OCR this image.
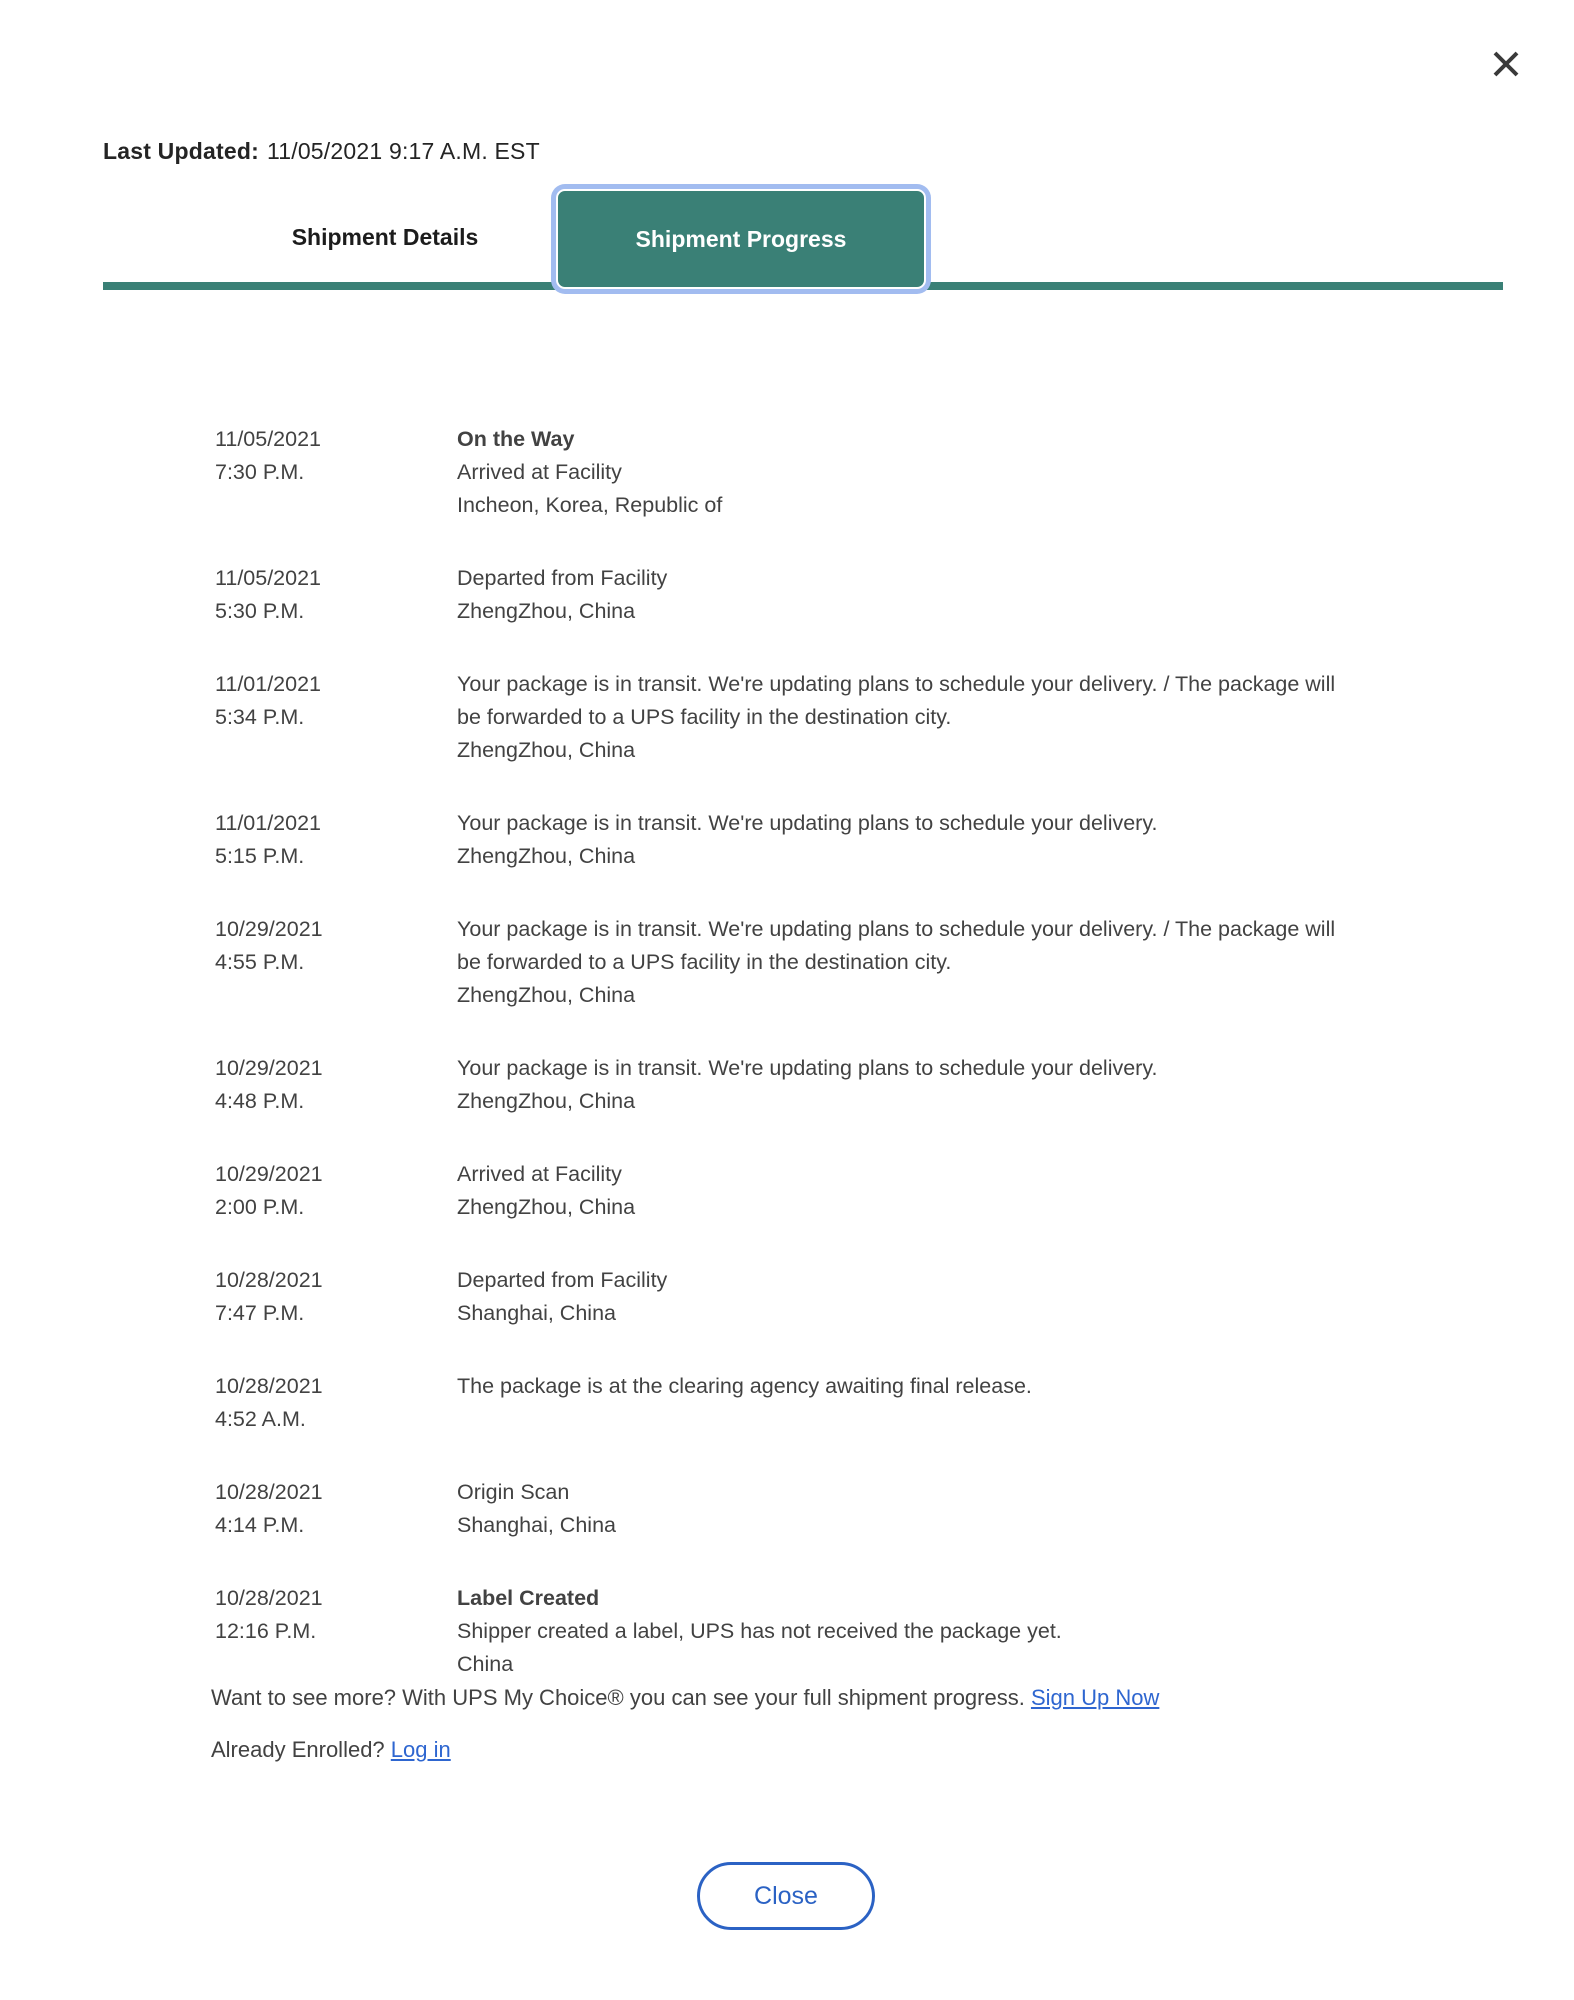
Last Updated: 11/05/2021 9:17 A.M. EST
Shipment Details	Shipment Progress
11/05/2021
7:30 P.M.
On the Way
Arrived at Facility
Incheon, Korea, Republic of
11/05/2021
5:30 P.M.
Departed from Facility
ZhengZhou, China
11/01/2021
5:34 P.M.
Your package is in transit. We're updating plans to schedule your delivery. / The package will be forwarded to a UPS facility in the destination city.
ZhengZhou, China
11/01/2021
5:15 P.M.
Your package is in transit. We're updating plans to schedule your delivery.
ZhengZhou, China
10/29/2021
4:55 P.M.
Your package is in transit. We're updating plans to schedule your delivery. / The package will be forwarded to a UPS facility in the destination city.
ZhengZhou, China
10/29/2021
4:48 P.M.
Your package is in transit. We're updating plans to schedule your delivery.
ZhengZhou, China
10/29/2021
2:00 P.M.
Arrived at Facility
ZhengZhou, China
10/28/2021
7:47 P.M.
Departed from Facility
Shanghai, China
10/28/2021
4:52 A.M.
The package is at the clearing agency awaiting final release.
10/28/2021
4:14 P.M.
Origin Scan
Shanghai, China
10/28/2021
12:16 P.M.
Label Created
Shipper created a label, UPS has not received the package yet.
China
Want to see more? With UPS My Choice® you can see your full shipment progress. Sign Up Now
Already Enrolled? Log in
Close
